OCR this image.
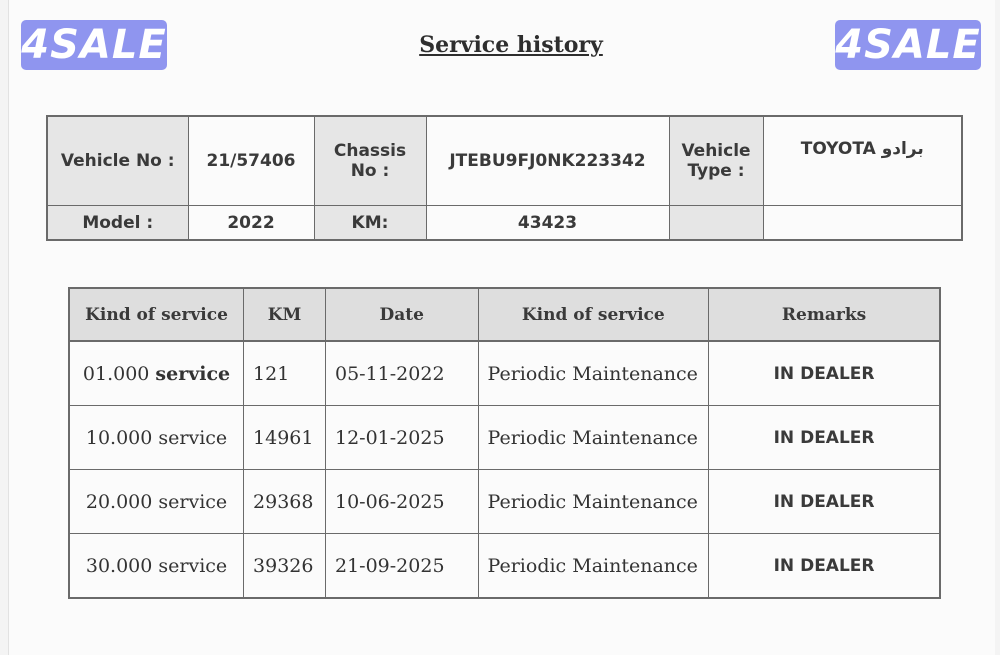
4SALE	Service history	4SALE
Vehicle No :	21/57406	Chassis No :	JTEBU9FJ0NK223342	Vehicle Type :	TOYOTA برادو
Model :	2022	KM:	43423		
Kind of service	KM	Date	Kind of service	Remarks
01.000 service	121	05-11-2022	Periodic Maintenance	IN DEALER
10.000 service	14961	12-01-2025	Periodic Maintenance	IN DEALER
20.000 service	29368	10-06-2025	Periodic Maintenance	IN DEALER
30.000 service	39326	21-09-2025	Periodic Maintenance	IN DEALER
